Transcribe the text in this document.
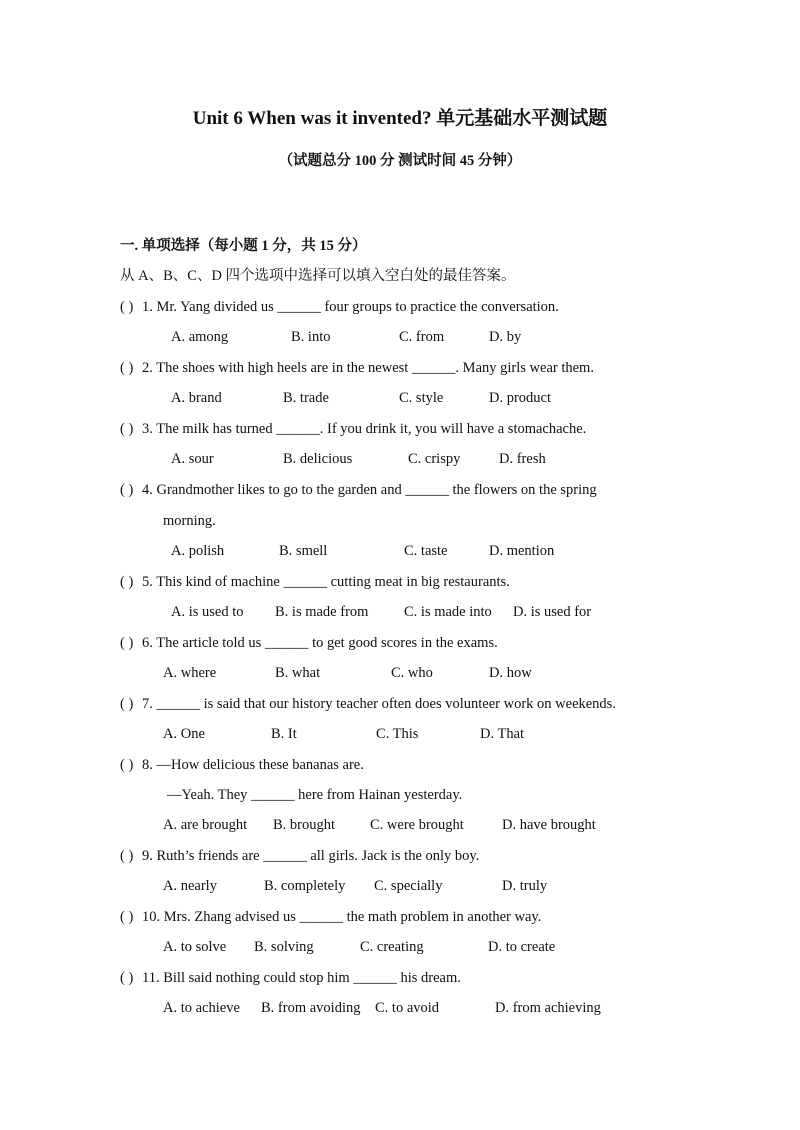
Unit 6 When was it invented? 单元基础水平测试题
（试题总分 100 分 测试时间 45 分钟）
一. 单项选择（每小题 1 分，共 15 分）
从 A、B、C、D 四个选项中选择可以填入空白处的最佳答案。
( ) 1. Mr. Yang divided us ______ four groups to practice the conversation.
A. among	B. into	C. from	D. by
( ) 2. The shoes with high heels are in the newest ______. Many girls wear them.
A. brand	B. trade	C. style	D. product
( ) 3. The milk has turned ______. If you drink it, you will have a stomachache.
A. sour	B. delicious	C. crispy	D. fresh
( ) 4. Grandmother likes to go to the garden and ______ the flowers on the spring
morning.
A. polish	B. smell	C. taste	D. mention
( ) 5. This kind of machine ______ cutting meat in big restaurants.
A. is used to B. is made from C. is made into D. is used for
( ) 6. The article told us ______ to get good scores in the exams.
A. where	B. what	C. who	D. how
( ) 7. ______ is said that our history teacher often does volunteer work on weekends.
A. One	B. It	C. This	D. That
( ) 8. —How delicious these bananas are.
—Yeah. They ______ here from Hainan yesterday.
A. are brought B. brought C. were brought	D. have brought
( ) 9. Ruth’s friends are ______ all girls. Jack is the only boy.
A. nearly	B. completely C. specially	D. truly
( ) 10. Mrs. Zhang advised us ______ the math problem in another way.
A. to solve B. solving	C. creating	D. to create
( ) 11. Bill said nothing could stop him ______ his dream.
A. to achieve B. from avoiding C. to avoid	D. from achieving
